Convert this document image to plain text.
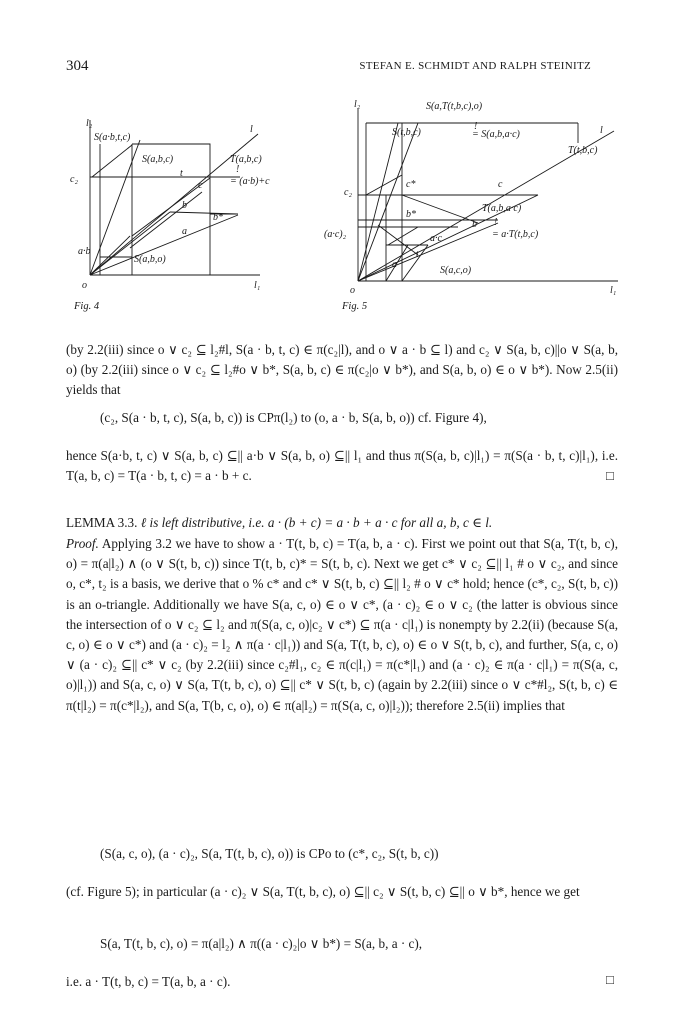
304	STEFAN E. SCHMIDT AND RALPH STEINITZ
l₂
l
S(a·b,t,c)
S(a,b,c)
t
T(a,b,c)
!
= (a·b)+c
c₂
c
b
b*
a
a·b
S(a,b,o)
o	l₁
Fig. 4
l₂	S(a,T(t,b,c),o)
S(t,b,c)
!
= S(a,b,a·c)	l
T(t,b,c)
c₂
c*	c
T(a,b,a·c)
b*
b !
= a·T(t,b,c)
(a·c)₂	a·c
t
a
S(a,c,o)
o	l₁
Fig. 5

(by 2.2(iii) since o ∨ c₂ ⊆ l₂#l, S(a · b, t, c) ∈ π(c₂|l), and o ∨ a · b ⊆ l) and c₂ ∨ S(a, b, c)||o ∨ S(a, b, o) (by 2.2(iii) since o ∨ c₂ ⊆ l₂#o ∨ b*, S(a, b, c) ∈ π(c₂|o ∨ b*), and S(a, b, o) ∈ o ∨ b*). Now 2.5(ii) yields that

(c₂, S(a · b, t, c), S(a, b, c)) is CPπ(l₂) to (o, a · b, S(a, b, o)) cf. Figure 4),

hence S(a·b, t, c) ∨ S(a, b, c) ⊆|| a·b ∨ S(a, b, o) ⊆|| l₁ and thus π(S(a, b, c)|l₁) = π(S(a · b, t, c)|l₁), i.e. T(a, b, c) = T(a · b, t, c) = a · b + c.	□

LEMMA 3.3. ℓ is left distributive, i.e. a · (b + c) = a · b + a · c for all a, b, c ∈ l.

Proof. Applying 3.2 we have to show a · T(t, b, c) = T(a, b, a · c). First we point out that S(a, T(t, b, c), o) = π(a|l₂) ∧ (o ∨ S(t, b, c)) since T(t, b, c)* = S(t, b, c). Next we get c* ∨ c₂ ⊆|| l₁ # o ∨ c₂, and since o, c*, t₂ is a basis, we derive that o % c* and c* ∨ S(t, b, c) ⊆|| l₂ # o ∨ c* hold; hence (c*, c₂, S(t, b, c)) is an o-triangle. Additionally we have S(a, c, o) ∈ o ∨ c*, (a · c)₂ ∈ o ∨ c₂ (the latter is obvious since the intersection of o ∨ c₂ ⊆ l₂ and π(S(a, c, o)|c₂ ∨ c*) ⊆ π(a · c|l₁) is nonempty by 2.2(ii) (because S(a, c, o) ∈ o ∨ c*) and (a · c)₂ = l₂ ∧ π(a · c|l₁)) and S(a, T(t, b, c), o) ∈ o ∨ S(t, b, c), and further, S(a, c, o) ∨ (a · c)₂ ⊆|| c* ∨ c₂ (by 2.2(iii) since c₂#l₁, c₂ ∈ π(c|l₁) = π(c*|l₁) and (a · c)₂ ∈ π(a · c|l₁) = π(S(a, c, o)|l₁)) and S(a, c, o) ∨ S(a, T(t, b, c), o) ⊆|| c* ∨ S(t, b, c) (again by 2.2(iii) since o ∨ c*#l₂, S(t, b, c) ∈ π(t|l₂) = π(c*|l₂), and S(a, T(b, c, o), o) ∈ π(a|l₂) = π(S(a, c, o)|l₂)); therefore 2.5(ii) implies that

(S(a, c, o), (a · c)₂, S(a, T(t, b, c), o)) is CPo to (c*, c₂, S(t, b, c))

(cf. Figure 5); in particular (a · c)₂ ∨ S(a, T(t, b, c), o) ⊆|| c₂ ∨ S(t, b, c) ⊆|| o ∨ b*, hence we get

S(a, T(t, b, c), o) = π(a|l₂) ∧ π((a · c)₂|o ∨ b*) = S(a, b, a · c),

i.e. a · T(t, b, c) = T(a, b, a · c).	□
